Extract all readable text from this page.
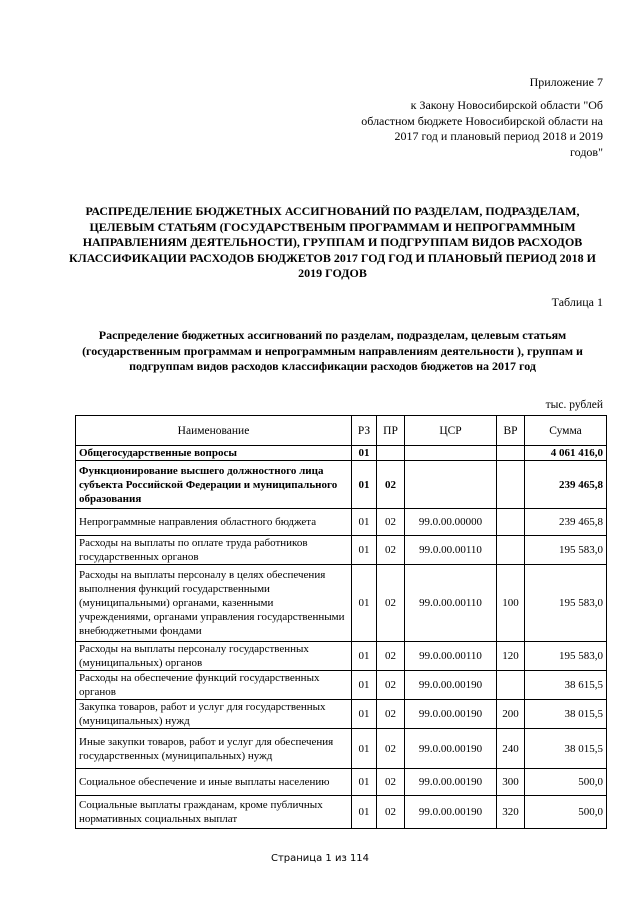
Приложение 7
к Закону Новосибирской области "Об областном бюджете Новосибирской области на 2017 год и плановый период 2018 и 2019 годов"
РАСПРЕДЕЛЕНИЕ БЮДЖЕТНЫХ АССИГНОВАНИЙ ПО РАЗДЕЛАМ, ПОДРАЗДЕЛАМ, ЦЕЛЕВЫМ СТАТЬЯМ (ГОСУДАРСТВЕНЫМ ПРОГРАММАМ И НЕПРОГРАММНЫМ НАПРАВЛЕНИЯМ ДЕЯТЕЛЬНОСТИ), ГРУППАМ И ПОДГРУППАМ ВИДОВ РАСХОДОВ КЛАССИФИКАЦИИ РАСХОДОВ БЮДЖЕТОВ 2017 ГОД ГОД И ПЛАНОВЫЙ ПЕРИОД 2018 И 2019 ГОДОВ
Таблица 1
Распределение бюджетных ассигнований по разделам, подразделам, целевым статьям (государственным программам и непрограммным направлениям деятельности ), группам и подгруппам видов расходов классификации расходов бюджетов на 2017 год
тыс. рублей
Наименование	РЗ	ПР	ЦСР	ВР	Сумма
Общегосударственные вопросы	01				4 061 416,0
Функционирование высшего должностного лица субъекта Российской Федерации и муниципального образования	01	02			239 465,8
Непрограммные направления областного бюджета	01	02	99.0.00.00000		239 465,8
Расходы на выплаты по оплате труда работников государственных органов	01	02	99.0.00.00110		195 583,0
Расходы на выплаты персоналу в целях обеспечения выполнения функций государственными (муниципальными) органами, казенными учреждениями, органами управления государственными внебюджетными фондами	01	02	99.0.00.00110	100	195 583,0
Расходы на выплаты персоналу государственных (муниципальных) органов	01	02	99.0.00.00110	120	195 583,0
Расходы на обеспечение функций государственных органов	01	02	99.0.00.00190		38 615,5
Закупка товаров, работ и услуг для государственных (муниципальных) нужд	01	02	99.0.00.00190	200	38 015,5
Иные закупки товаров, работ и услуг для обеспечения государственных (муниципальных) нужд	01	02	99.0.00.00190	240	38 015,5
Социальное обеспечение и иные выплаты населению	01	02	99.0.00.00190	300	500,0
Социальные выплаты гражданам, кроме публичных нормативных социальных выплат	01	02	99.0.00.00190	320	500,0
Страница 1 из 114
